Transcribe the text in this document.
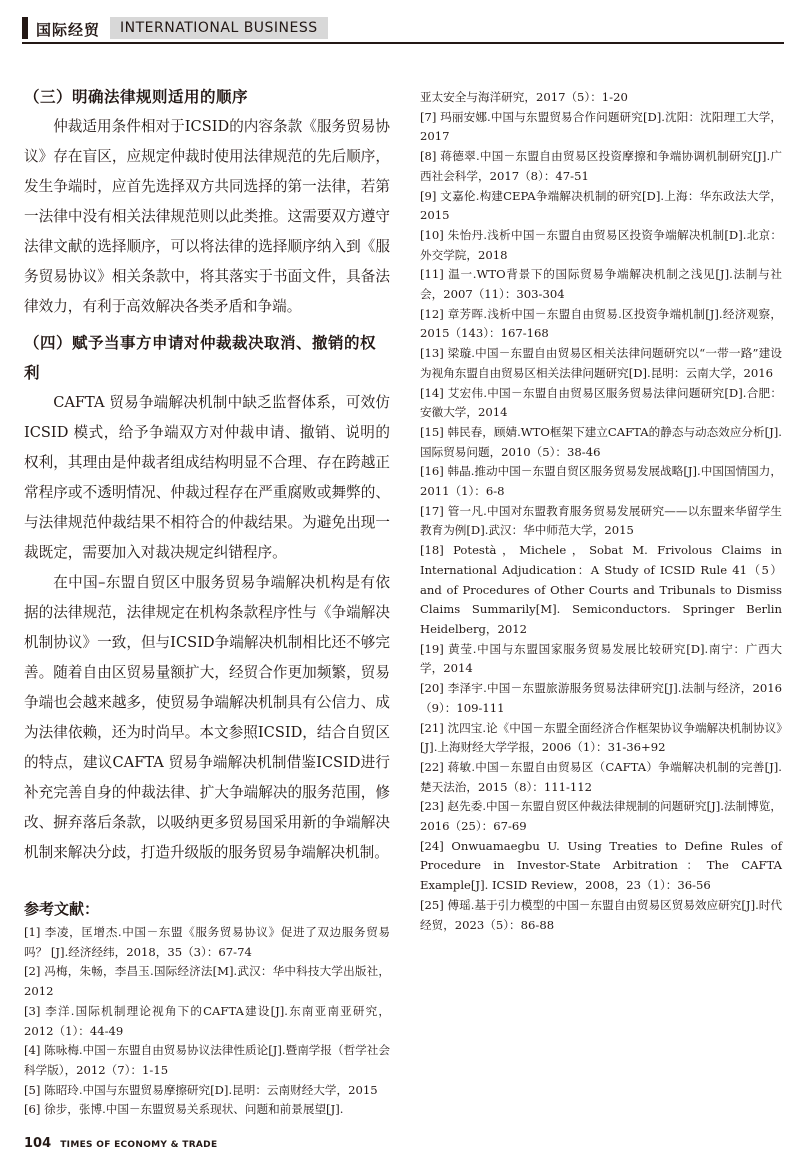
国际经贸	INTERNATIONAL BUSINESS

（三）明确法律规则适用的顺序

仲裁适用条件相对于ICSID的内容条款《服务贸易协议》存在盲区，应规定仲裁时使用法律规范的先后顺序，发生争端时，应首先选择双方共同选择的第一法律，若第一法律中没有相关法律规范则以此类推。这需要双方遵守法律文献的选择顺序，可以将法律的选择顺序纳入到《服务贸易协议》相关条款中，将其落实于书面文件，具备法律效力，有利于高效解决各类矛盾和争端。

（四）赋予当事方申请对仲裁裁决取消、撤销的权利

CAFTA 贸易争端解决机制中缺乏监督体系，可效仿ICSID 模式，给予争端双方对仲裁申请、撤销、说明的权利，其理由是仲裁者组成结构明显不合理、存在跨越正常程序或不透明情况、仲裁过程存在严重腐败或舞弊的、与法律规范仲裁结果不相符合的仲裁结果。为避免出现一裁既定，需要加入对裁决规定纠错程序。

在中国–东盟自贸区中服务贸易争端解决机构是有依据的法律规范，法律规定在机构条款程序性与《争端解决机制协议》一致，但与ICSID争端解决机制相比还不够完善。随着自由区贸易量额扩大，经贸合作更加频繁，贸易争端也会越来越多，使贸易争端解决机制具有公信力、成为法律依赖，还为时尚早。本文参照ICSID，结合自贸区的特点，建议CAFTA 贸易争端解决机制借鉴ICSID进行补充完善自身的仲裁法律、扩大争端解决的服务范围，修改、摒弃落后条款，以吸纳更多贸易国采用新的争端解决机制来解决分歧，打造升级版的服务贸易争端解决机制。

参考文献：

[1] 李凌，匡增杰.中国－东盟《服务贸易协议》促进了双边服务贸易吗？ [J].经济经纬，2018，35（3）：67-74

[2] 冯梅，朱畅，李昌玉.国际经济法[M].武汉：华中科技大学出版社，2012

[3] 李洋.国际机制理论视角下的CAFTA建设[J].东南亚南亚研究，2012（1）：44-49

[4] 陈咏梅.中国－东盟自由贸易协议法律性质论[J].暨南学报（哲学社会科学版），2012（7）：1-15

[5] 陈昭玲.中国与东盟贸易摩擦研究[D].昆明：云南财经大学，2015

[6] 徐步，张博.中国－东盟贸易关系现状、问题和前景展望[J].

亚太安全与海洋研究，2017（5）：1-20

[7] 玛丽安娜.中国与东盟贸易合作问题研究[D].沈阳：沈阳理工大学，2017

[8] 蒋德翠.中国－东盟自由贸易区投资摩擦和争端协调机制研究[J].广西社会科学，2017（8）：47-51

[9] 文嘉伦.构建CEPA争端解决机制的研究[D].上海：华东政法大学，2015

[10] 朱怡丹.浅析中国－东盟自由贸易区投资争端解决机制[D].北京：外交学院，2018

[11] 温一.WTO背景下的国际贸易争端解决机制之浅见[J].法制与社会，2007（11）：303-304

[12] 章芳晖.浅析中国－东盟自由贸易.区投资争端机制[J].经济观察，2015（143）：167-168

[13] 梁璇.中国－东盟自由贸易区相关法律问题研究以“一带一路”建设为视角东盟自由贸易区相关法律问题研究[D].昆明：云南大学，2016

[14] 艾宏伟.中国－东盟自由贸易区服务贸易法律问题研究[D].合肥：安徽大学，2014

[15] 韩民春，顾婧.WTO框架下建立CAFTA的静态与动态效应分析[J].国际贸易问题，2010（5）：38-46

[16] 韩晶.推动中国－东盟自贸区服务贸易发展战略[J].中国国情国力，2011（1）：6-8

[17] 管一凡.中国对东盟教育服务贸易发展研究——以东盟来华留学生教育为例[D].武汉：华中师范大学，2015

[18] Potestà，Michele，Sobat M. Frivolous Claims in International Adjudication：A Study of ICSID Rule 41（5） and of Procedures of Other Courts and Tribunals to Dismiss Claims Summarily[M]. Semiconductors. Springer Berlin Heidelberg，2012

[19] 黄莹.中国与东盟国家服务贸易发展比较研究[D].南宁：广西大学，2014

[20] 李泽宇.中国－东盟旅游服务贸易法律研究[J].法制与经济，2016（9）：109-111

[21] 沈四宝.论《中国－东盟全面经济合作框架协议争端解决机制协议》[J].上海财经大学学报，2006（1）：31-36+92

[22] 蒋敏.中国－东盟自由贸易区（CAFTA）争端解决机制的完善[J].楚天法治，2015（8）：111-112

[23] 赵先委.中国－东盟自贸区仲裁法律规制的问题研究[J].法制博览，2016（25）：67-69

[24] Onwuamaegbu U. Using Treaties to Define Rules of Procedure in Investor-State Arbitration：The CAFTA Example[J]. ICSID Review，2008，23（1）：36-56

[25] 傅瑶.基于引力模型的中国－东盟自由贸易区贸易效应研究[J].时代经贸，2023（5）：86-88

104 TIMES OF ECONOMY & TRADE
